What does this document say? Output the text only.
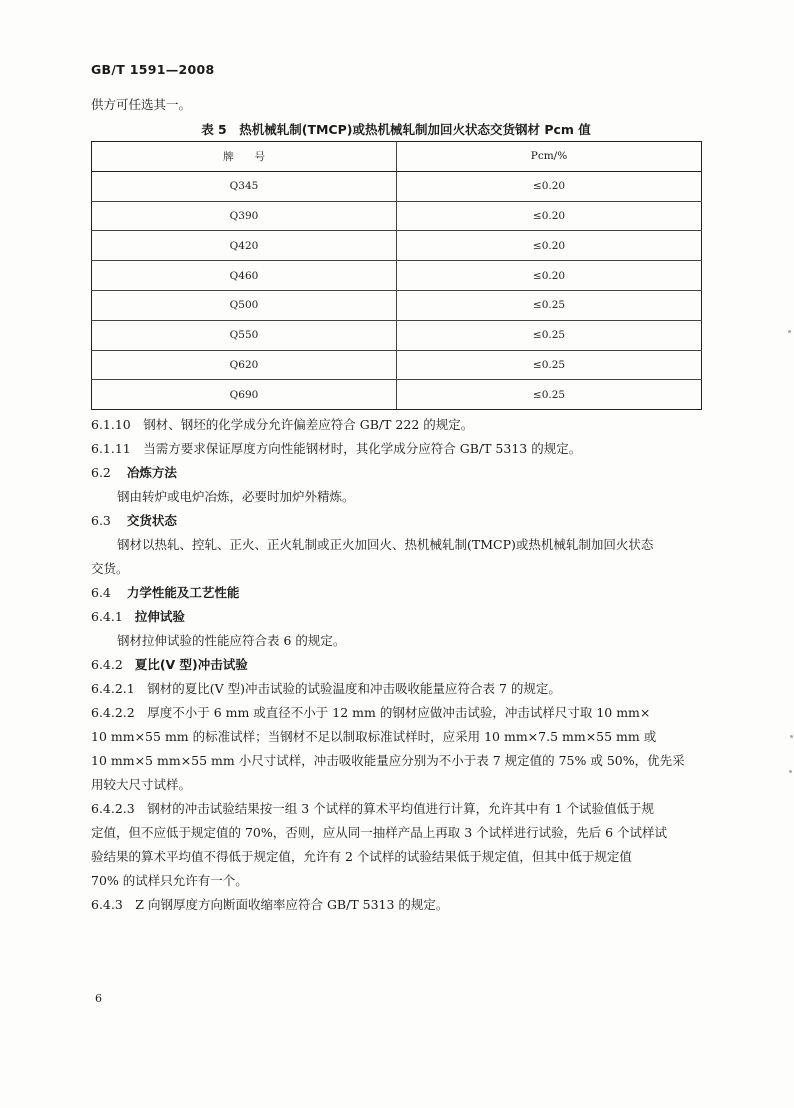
GB/T 1591—2008
供方可任选其一。
表 5　热机械轧制(TMCP)或热机械轧制加回火状态交货钢材 Pcm 值
牌　　号	Pcm/%
Q345	≤0.20
Q390	≤0.20
Q420	≤0.20
Q460	≤0.20
Q500	≤0.25
Q550	≤0.25
Q620	≤0.25
Q690	≤0.25
6.1.10　钢材、钢坯的化学成分允许偏差应符合 GB/T 222 的规定。
6.1.11　当需方要求保证厚度方向性能钢材时，其化学成分应符合 GB/T 5313 的规定。
6.2 冶炼方法
钢由转炉或电炉冶炼，必要时加炉外精炼。
6.3 交货状态
钢材以热轧、控轧、正火、正火轧制或正火加回火、热机械轧制(TMCP)或热机械轧制加回火状态
交货。
6.4 力学性能及工艺性能
6.4.1 拉伸试验
钢材拉伸试验的性能应符合表 6 的规定。
6.4.2 夏比(V 型)冲击试验
6.4.2.1　钢材的夏比(V 型)冲击试验的试验温度和冲击吸收能量应符合表 7 的规定。
6.4.2.2　厚度不小于 6 mm 或直径不小于 12 mm 的钢材应做冲击试验，冲击试样尺寸取 10 mm×
10 mm×55 mm 的标准试样；当钢材不足以制取标准试样时，应采用 10 mm×7.5 mm×55 mm 或
10 mm×5 mm×55 mm 小尺寸试样，冲击吸收能量应分别为不小于表 7 规定值的 75% 或 50%，优先采
用较大尺寸试样。
6.4.2.3　钢材的冲击试验结果按一组 3 个试样的算术平均值进行计算，允许其中有 1 个试验值低于规
定值，但不应低于规定值的 70%，否则，应从同一抽样产品上再取 3 个试样进行试验，先后 6 个试样试
验结果的算术平均值不得低于规定值，允许有 2 个试样的试验结果低于规定值，但其中低于规定值
70% 的试样只允许有一个。
6.4.3　Z 向钢厚度方向断面收缩率应符合 GB/T 5313 的规定。
6
